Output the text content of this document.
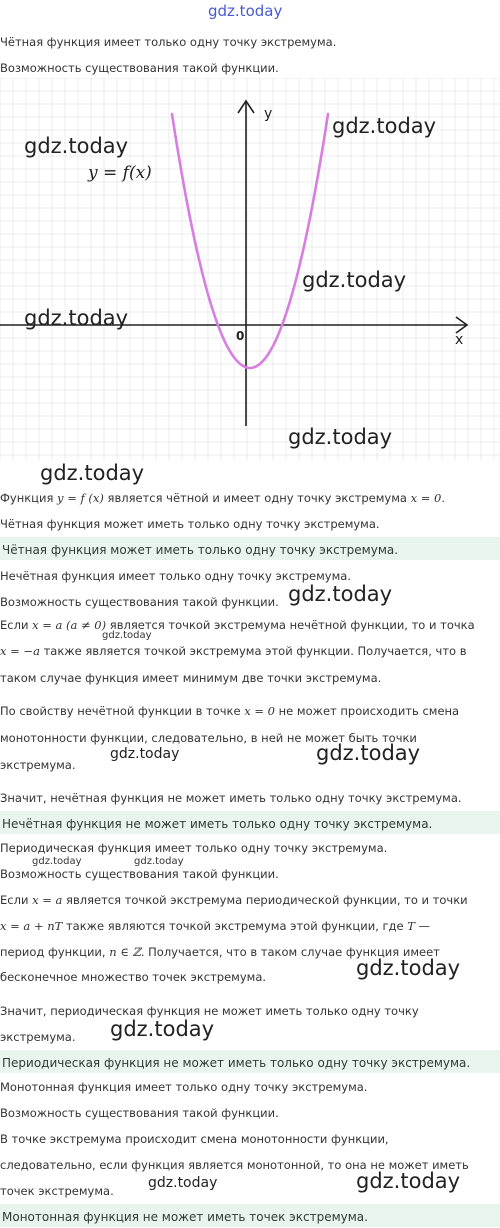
gdz.today
Чётная функция имеет только одну точку экстремума.
Возможность существования такой функции.
y
x
0
y = f(x)
gdz.today
gdz.today
gdz.today
gdz.today
gdz.today
gdz.today
Функция y = f (x) является чётной и имеет одну точку экстремума x = 0.
Чётная функция может иметь только одну точку экстремума.
Чётная функция может иметь только одну точку экстремума.
Нечётная функция имеет только одну точку экстремума.
Возможность существования такой функции. gdz.today
Если x = a (a ≠ 0) является точкой экстремума нечётной функции, то и точка
gdz.today
x = −a также является точкой экстремума этой функции. Получается, что в
таком случае функция имеет минимум две точки экстремума.
По свойству нечётной функции в точке x = 0 не может происходить смена
монотонности функции, следовательно, в ней не может быть точки
gdz.today	gdz.today
экстремума.
Значит, нечётная функция не может иметь только одну точку экстремума.
Нечётная функция не может иметь только одну точку экстремума.
Периодическая функция имеет только одну точку экстремума.
gdz.today	gdz.today
Возможность существования такой функции.
Если x = a является точкой экстремума периодической функции, то и точки
x = a + nT также являются точкой экстремума этой функции, где T —
период функции, n ∈ ℤ. Получается, что в таком случае функция имеет
gdz.today
бесконечное множество точек экстремума.
Значит, периодическая функция не может иметь только одну точку
gdz.today
экстремума.
Периодическая функция не может иметь только одну точку экстремума.
Монотонная функция имеет только одну точку экстремума.
Возможность существования такой функции.
В точке экстремума происходит смена монотонности функции,
следовательно, если функция является монотонной, то она не может иметь
точек экстремума. gdz.today	gdz.today
Монотонная функция не может иметь точек экстремума.
